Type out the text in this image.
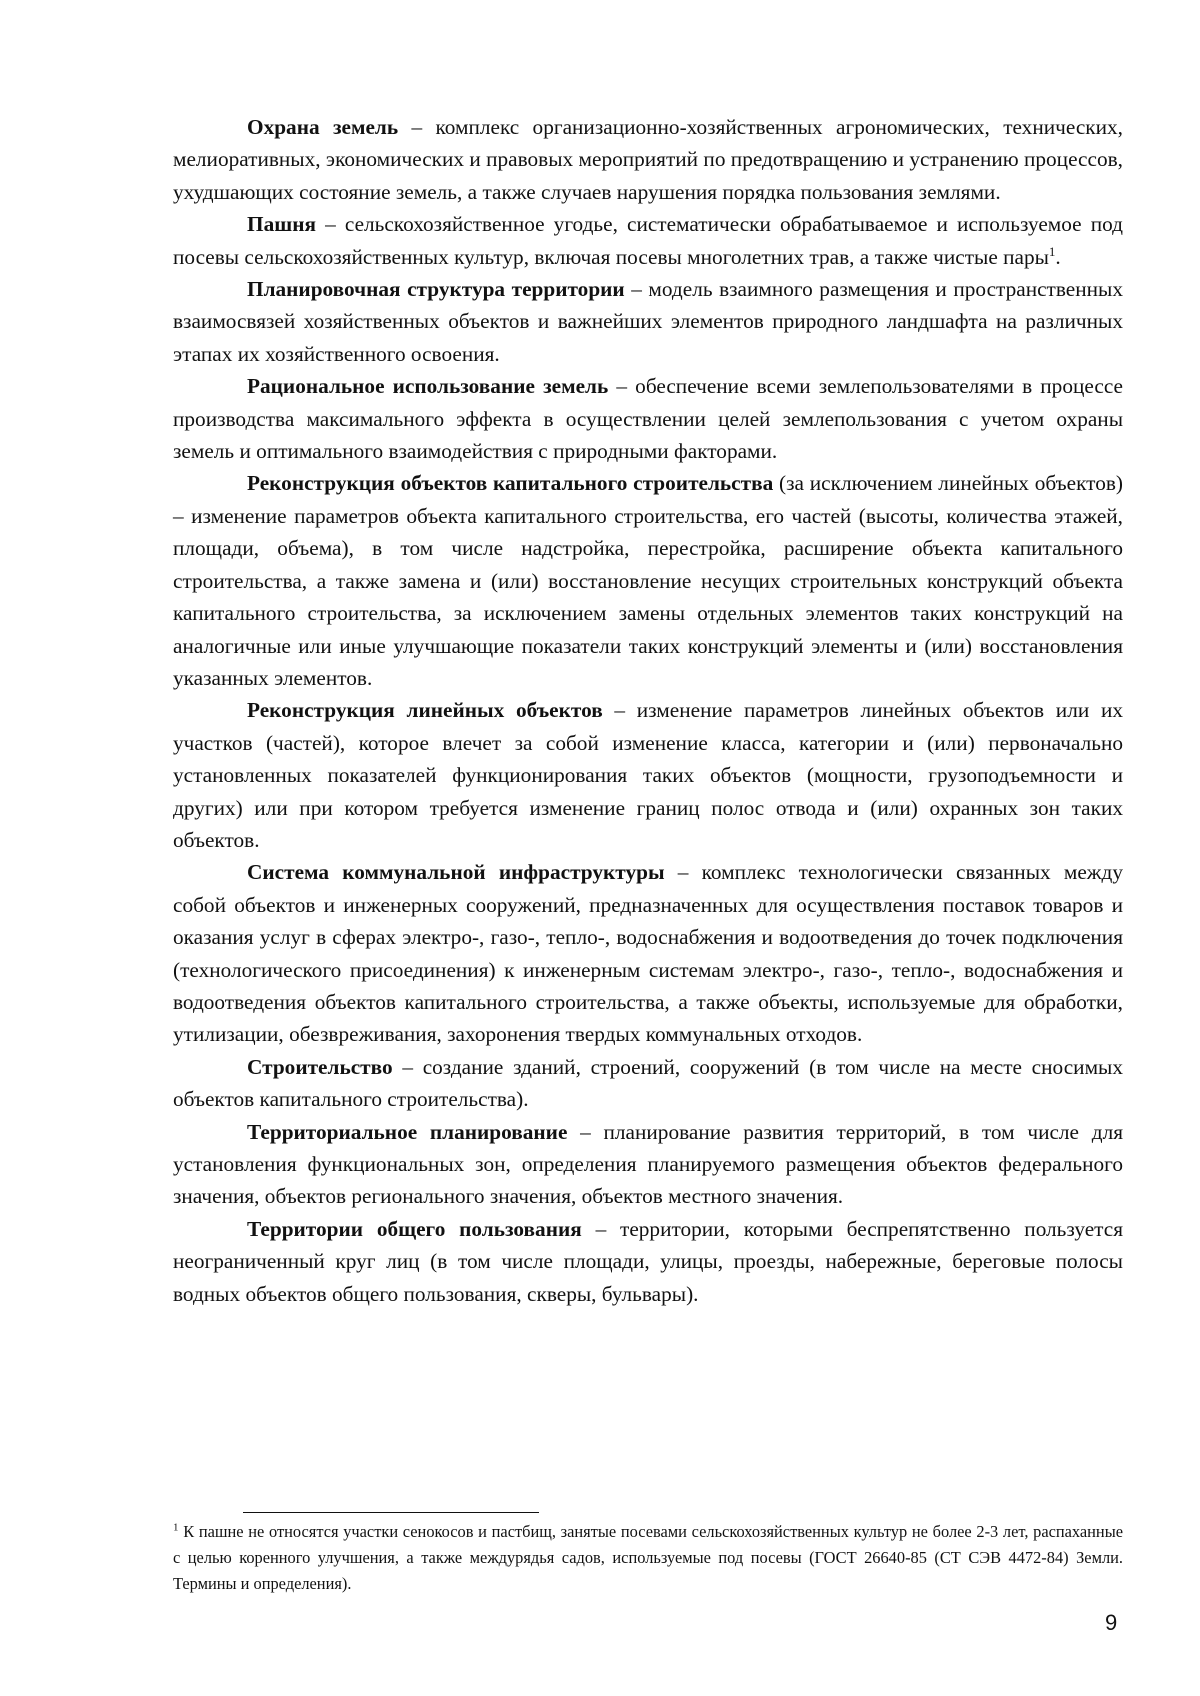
Охрана земель – комплекс организационно-хозяйственных агрономических, технических, мелиоративных, экономических и правовых мероприятий по предотвращению и устранению процессов, ухудшающих состояние земель, а также случаев нарушения порядка пользования землями.

Пашня – сельскохозяйственное угодье, систематически обрабатываемое и используемое под посевы сельскохозяйственных культур, включая посевы многолетних трав, а также чистые пары$^1$.

Планировочная структура территории – модель взаимного размещения и пространственных взаимосвязей хозяйственных объектов и важнейших элементов природного ландшафта на различных этапах их хозяйственного освоения.

Рациональное использование земель – обеспечение всеми землепользователями в процессе производства максимального эффекта в осуществлении целей землепользования с учетом охраны земель и оптимального взаимодействия с природными факторами.

Реконструкция объектов капитального строительства (за исключением линейных объектов) – изменение параметров объекта капитального строительства, его частей (высоты, количества этажей, площади, объема), в том числе надстройка, перестройка, расширение объекта капитального строительства, а также замена и (или) восстановление несущих строительных конструкций объекта капитального строительства, за исключением замены отдельных элементов таких конструкций на аналогичные или иные улучшающие показатели таких конструкций элементы и (или) восстановления указанных элементов.

Реконструкция линейных объектов – изменение параметров линейных объектов или их участков (частей), которое влечет за собой изменение класса, категории и (или) первоначально установленных показателей функционирования таких объектов (мощности, грузоподъемности и других) или при котором требуется изменение границ полос отвода и (или) охранных зон таких объектов.

Система коммунальной инфраструктуры – комплекс технологически связанных между собой объектов и инженерных сооружений, предназначенных для осуществления поставок товаров и оказания услуг в сферах электро-, газо-, тепло-, водоснабжения и водоотведения до точек подключения (технологического присоединения) к инженерным системам электро-, газо-, тепло-, водоснабжения и водоотведения объектов капитального строительства, а также объекты, используемые для обработки, утилизации, обезвреживания, захоронения твердых коммунальных отходов.

Строительство – создание зданий, строений, сооружений (в том числе на месте сносимых объектов капитального строительства).

Территориальное планирование – планирование развития территорий, в том числе для установления функциональных зон, определения планируемого размещения объектов федерального значения, объектов регионального значения, объектов местного значения.

Территории общего пользования – территории, которыми беспрепятственно пользуется неограниченный круг лиц (в том числе площади, улицы, проезды, набережные, береговые полосы водных объектов общего пользования, скверы, бульвары).

$^1$ К пашне не относятся участки сенокосов и пастбищ, занятые посевами сельскохозяйственных культур не более 2-3 лет, распаханные с целью коренного улучшения, а также междурядья садов, используемые под посевы (ГОСТ 26640-85 (СТ СЭВ 4472-84) Земли. Термины и определения).

9
